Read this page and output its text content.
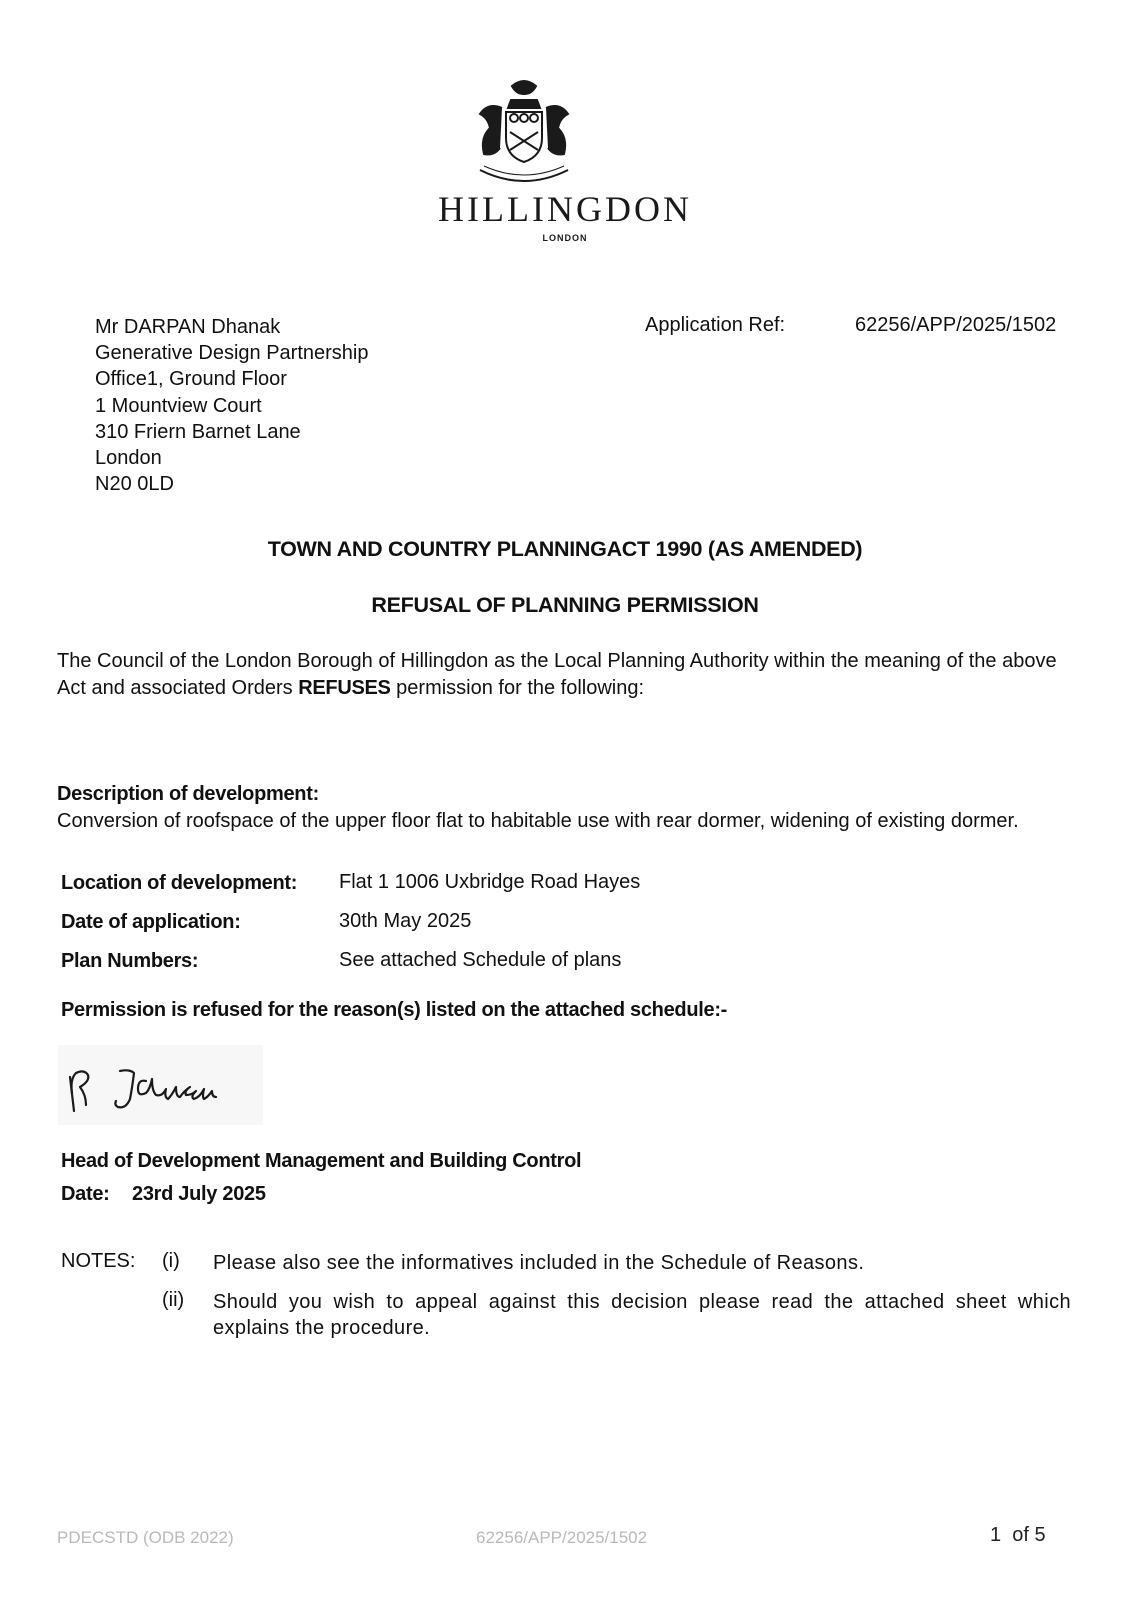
HILLINGDON
LONDON
Mr DARPAN Dhanak
Generative Design Partnership
Office1, Ground Floor
1 Mountview Court
310 Friern Barnet Lane
London
N20 0LD
Application Ref:	62256/APP/2025/1502
TOWN AND COUNTRY PLANNINGACT 1990 (AS AMENDED)
REFUSAL OF PLANNING PERMISSION
The Council of the London Borough of Hillingdon as the Local Planning Authority within the meaning of the above Act and associated Orders REFUSES permission for the following:
Description of development:
Conversion of roofspace of the upper floor flat to habitable use with rear dormer, widening of existing dormer.
Location of development: Flat 1 1006 Uxbridge Road Hayes
Date of application:	30th May 2025
Plan Numbers:	See attached Schedule of plans
Permission is refused for the reason(s) listed on the attached schedule:-
Head of Development Management and Building Control
Date: 23rd July 2025
NOTES: (i) Please also see the informatives included in the Schedule of Reasons.
(ii) Should you wish to appeal against this decision please read the attached sheet which explains the procedure.
PDECSTD (ODB 2022)	62256/APP/2025/1502	1 of 5
